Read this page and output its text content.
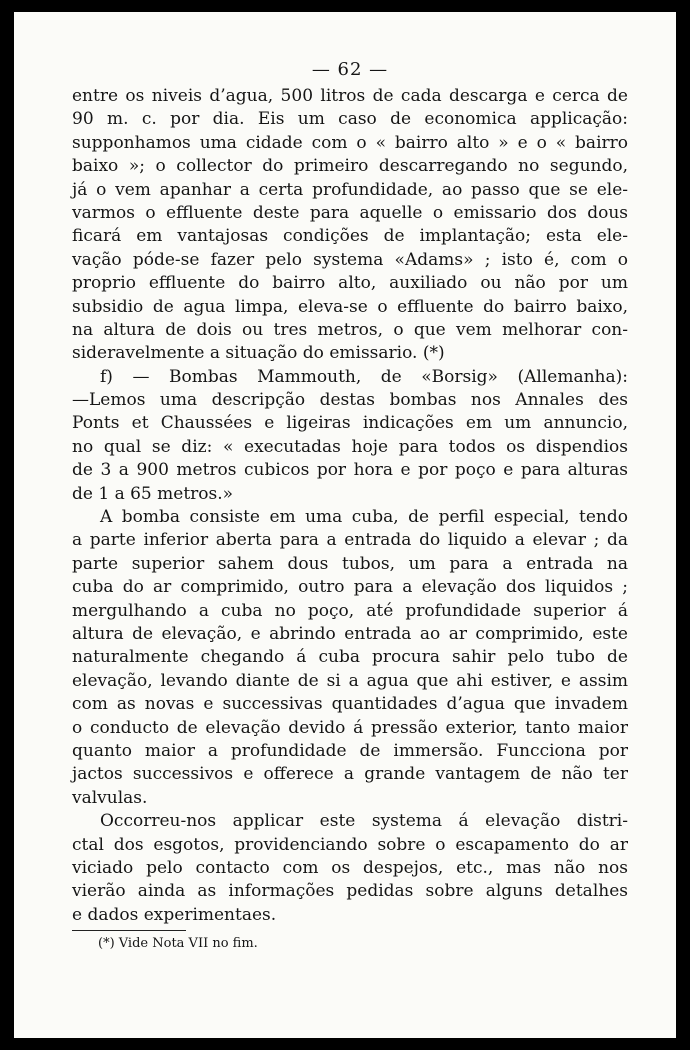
— 62 —
entre os niveis d’agua, 500 litros de cada descarga e cerca de
90 m. c. por dia. Eis um caso de economica applicação:
supponhamos uma cidade com o « bairro alto » e o « bairro
baixo »; o collector do primeiro descarregando no segundo,
já o vem apanhar a certa profundidade, ao passo que se ele-
varmos o effluente deste para aquelle o emissario dos dous
ficará em vantajosas condições de implantação; esta ele-
vação póde-se fazer pelo systema «Adams» ; isto é, com o
proprio effluente do bairro alto, auxiliado ou não por um
subsidio de agua limpa, eleva-se o effluente do bairro baixo,
na altura de dois ou tres metros, o que vem melhorar con-
sideravelmente a situação do emissario. (*)
f) — Bombas Mammouth, de «Borsig» (Allemanha):
—Lemos uma descripção destas bombas nos Annales des
Ponts et Chaussées e ligeiras indicações em um annuncio,
no qual se diz: « executadas hoje para todos os dispendios
de 3 a 900 metros cubicos por hora e por poço e para alturas
de 1 a 65 metros.»
A bomba consiste em uma cuba, de perfil especial, tendo
a parte inferior aberta para a entrada do liquido a elevar ; da
parte superior sahem dous tubos, um para a entrada na
cuba do ar comprimido, outro para a elevação dos liquidos ;
mergulhando a cuba no poço, até profundidade superior á
altura de elevação, e abrindo entrada ao ar comprimido, este
naturalmente chegando á cuba procura sahir pelo tubo de
elevação, levando diante de si a agua que ahi estiver, e assim
com as novas e successivas quantidades d’agua que invadem
o conducto de elevação devido á pressão exterior, tanto maior
quanto maior a profundidade de immersão. Funcciona por
jactos successivos e offerece a grande vantagem de não ter
valvulas.
Occorreu-nos applicar este systema á elevação distri-
ctal dos esgotos, providenciando sobre o escapamento do ar
viciado pelo contacto com os despejos, etc., mas não nos
vierão ainda as informações pedidas sobre alguns detalhes
e dados experimentaes.
(*) Vide Nota VII no fim.
